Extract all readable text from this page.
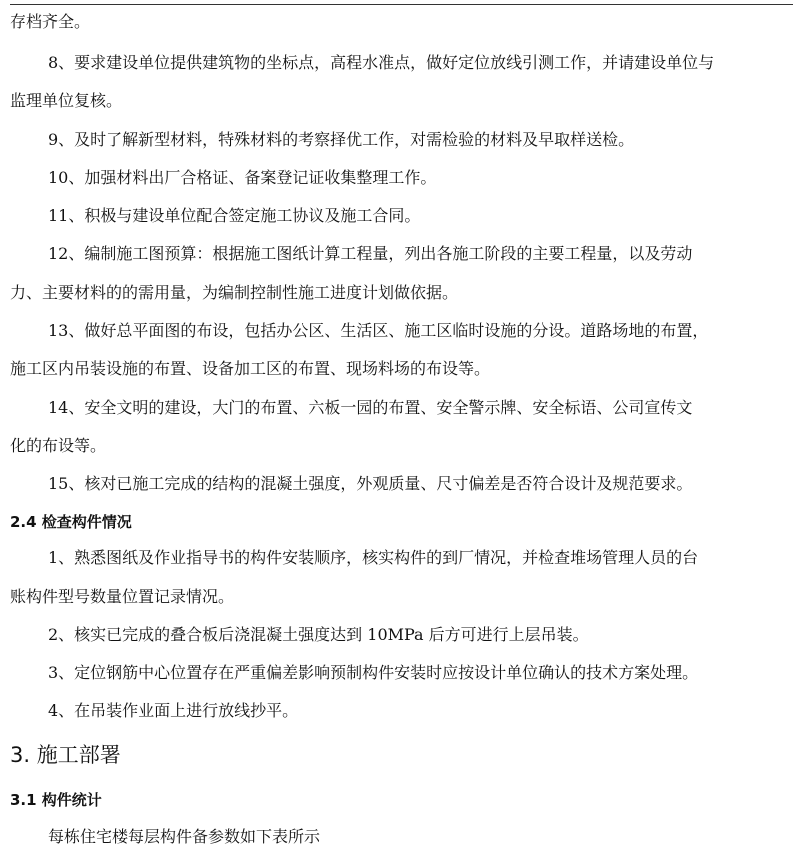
存档齐全。
8、要求建设单位提供建筑物的坐标点，高程水准点，做好定位放线引测工作，并请建设单位与
监理单位复核。
9、及时了解新型材料，特殊材料的考察择优工作，对需检验的材料及早取样送检。
10、加强材料出厂合格证、备案登记证收集整理工作。
11、积极与建设单位配合签定施工协议及施工合同。
12、编制施工图预算：根据施工图纸计算工程量，列出各施工阶段的主要工程量，以及劳动
力、主要材料的的需用量，为编制控制性施工进度计划做依据。
13、做好总平面图的布设，包括办公区、生活区、施工区临时设施的分设。道路场地的布置，
施工区内吊装设施的布置、设备加工区的布置、现场料场的布设等。
14、安全文明的建设，大门的布置、六板一园的布置、安全警示牌、安全标语、公司宣传文
化的布设等。
15、核对已施工完成的结构的混凝土强度，外观质量、尺寸偏差是否符合设计及规范要求。
2.4 检查构件情况
1、熟悉图纸及作业指导书的构件安装顺序，核实构件的到厂情况，并检查堆场管理人员的台
账构件型号数量位置记录情况。
2、核实已完成的叠合板后浇混凝土强度达到 10MPa 后方可进行上层吊装。
3、定位钢筋中心位置存在严重偏差影响预制构件安装时应按设计单位确认的技术方案处理。
4、在吊装作业面上进行放线抄平。
3. 施工部署
3.1 构件统计
每栋住宅楼每层构件备参数如下表所示
